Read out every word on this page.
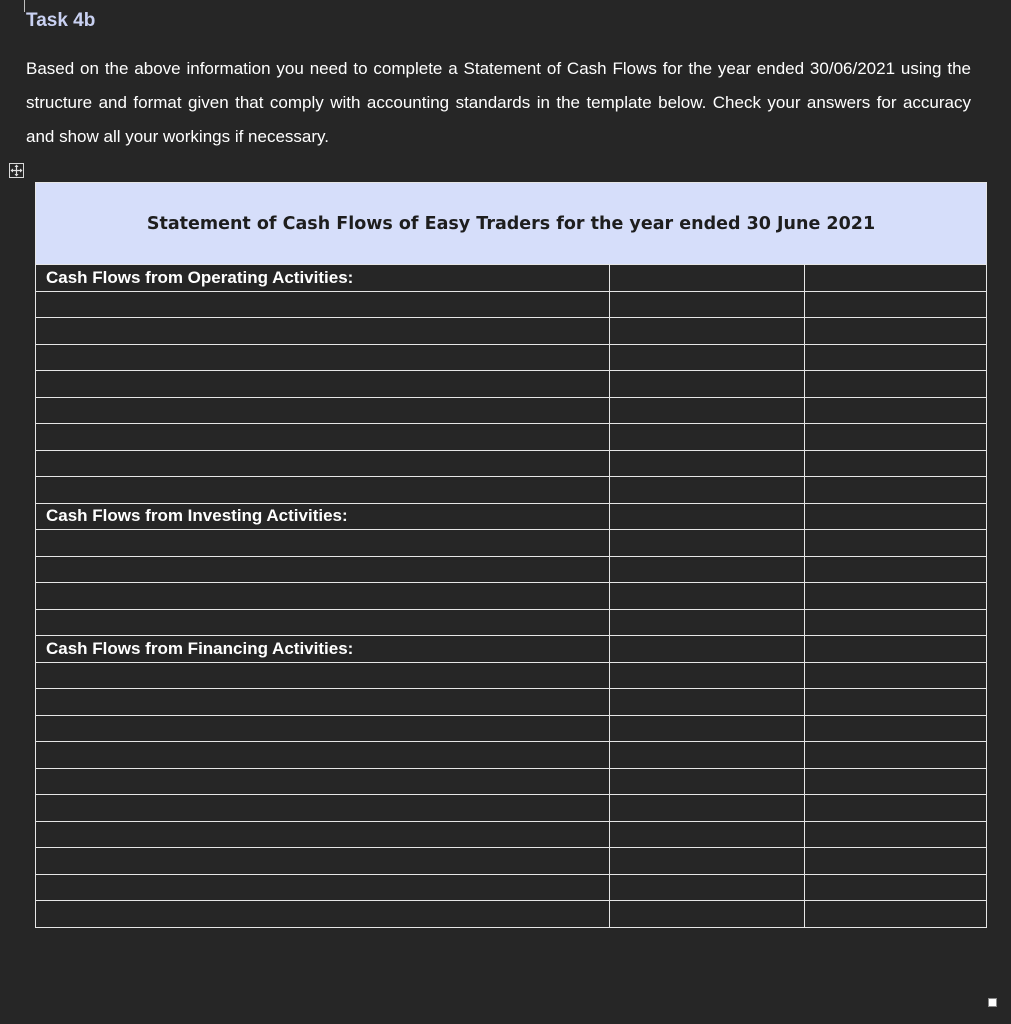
Task 4b

Based on the above information you need to complete a Statement of Cash Flows for the year ended 30/06/2021 using the structure and format given that comply with accounting standards in the template below. Check your answers for accuracy and show all your workings if necessary.

Statement of Cash Flows of Easy Traders for the year ended 30 June 2021		
Cash Flows from Operating Activities:		

Cash Flows from Investing Activities:		

Cash Flows from Financing Activities:		
